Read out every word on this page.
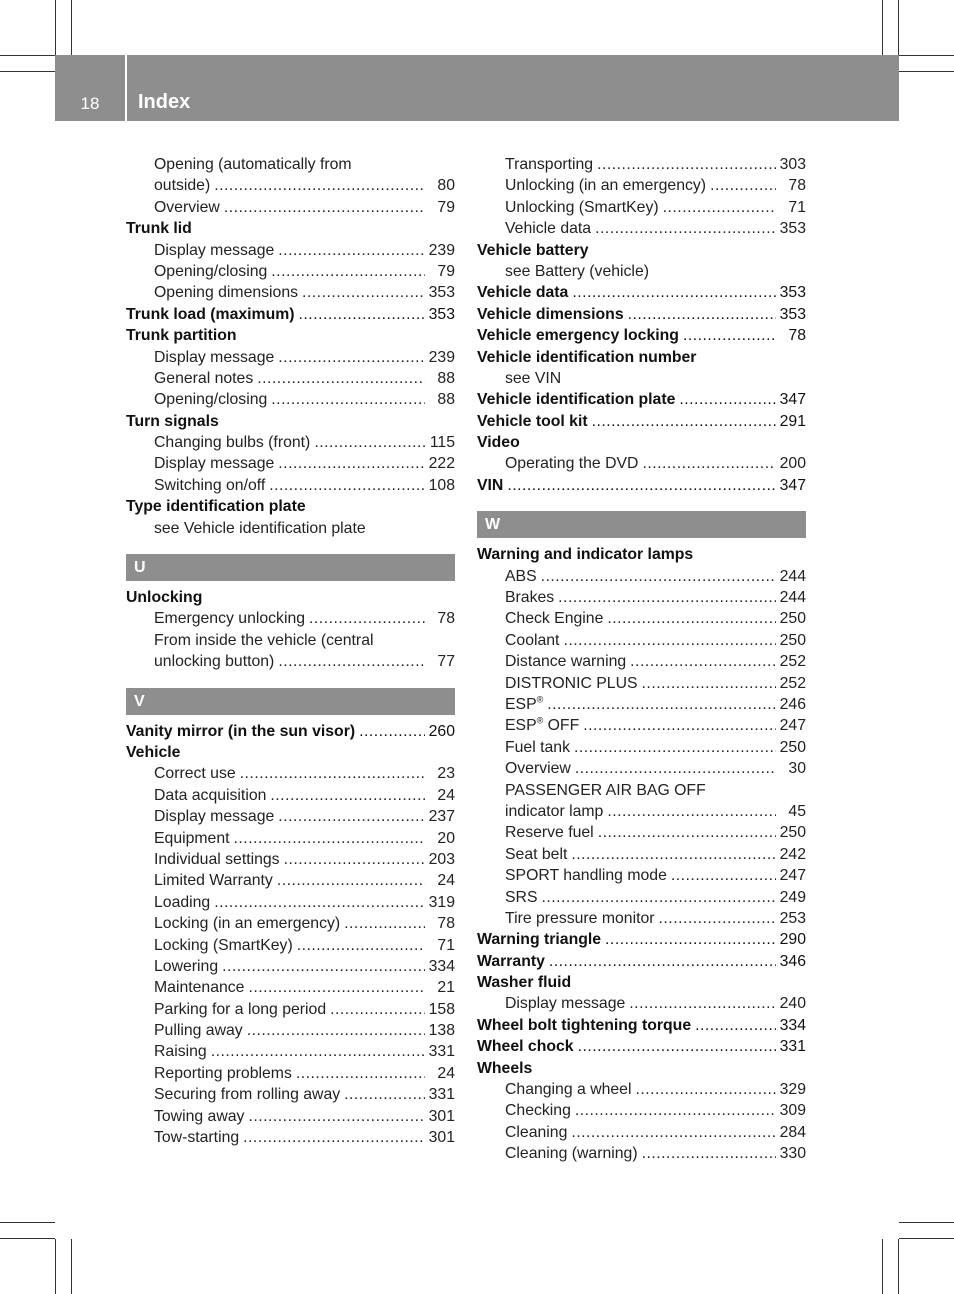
18	Index
Opening (automatically from
outside) .....	80
Overview .....	79
Trunk lid
Display message .....	239
Opening/closing .....	79
Opening dimensions .....	353
Trunk load (maximum) .....	353
Trunk partition
Display message .....	239
General notes .....	88
Opening/closing .....	88
Turn signals
Changing bulbs (front) .....	115
Display message .....	222
Switching on/off .....	108
Type identification plate
see Vehicle identification plate
U
Unlocking
Emergency unlocking .....	78
From inside the vehicle (central
unlocking button) .....	77
V
Vanity mirror (in the sun visor) .....	260
Vehicle
Correct use .....	23
Data acquisition .....	24
Display message .....	237
Equipment .....	20
Individual settings .....	203
Limited Warranty .....	24
Loading .....	319
Locking (in an emergency) .....	78
Locking (SmartKey) .....	71
Lowering .....	334
Maintenance .....	21
Parking for a long period .....	158
Pulling away .....	138
Raising .....	331
Reporting problems .....	24
Securing from rolling away .....	331
Towing away .....	301
Tow-starting .....	301
Transporting .....	303
Unlocking (in an emergency) .....	78
Unlocking (SmartKey) .....	71
Vehicle data .....	353
Vehicle battery
see Battery (vehicle)
Vehicle data .....	353
Vehicle dimensions .....	353
Vehicle emergency locking .....	78
Vehicle identification number
see VIN
Vehicle identification plate .....	347
Vehicle tool kit .....	291
Video
Operating the DVD .....	200
VIN .....	347
W
Warning and indicator lamps
ABS .....	244
Brakes .....	244
Check Engine .....	250
Coolant .....	250
Distance warning .....	252
DISTRONIC PLUS .....	252
ESP® .....	246
ESP® OFF .....	247
Fuel tank .....	250
Overview .....	30
PASSENGER AIR BAG OFF
indicator lamp .....	45
Reserve fuel .....	250
Seat belt .....	242
SPORT handling mode .....	247
SRS .....	249
Tire pressure monitor .....	253
Warning triangle .....	290
Warranty .....	346
Washer fluid
Display message .....	240
Wheel bolt tightening torque .....	334
Wheel chock .....	331
Wheels
Changing a wheel .....	329
Checking .....	309
Cleaning .....	284
Cleaning (warning) .....	330
